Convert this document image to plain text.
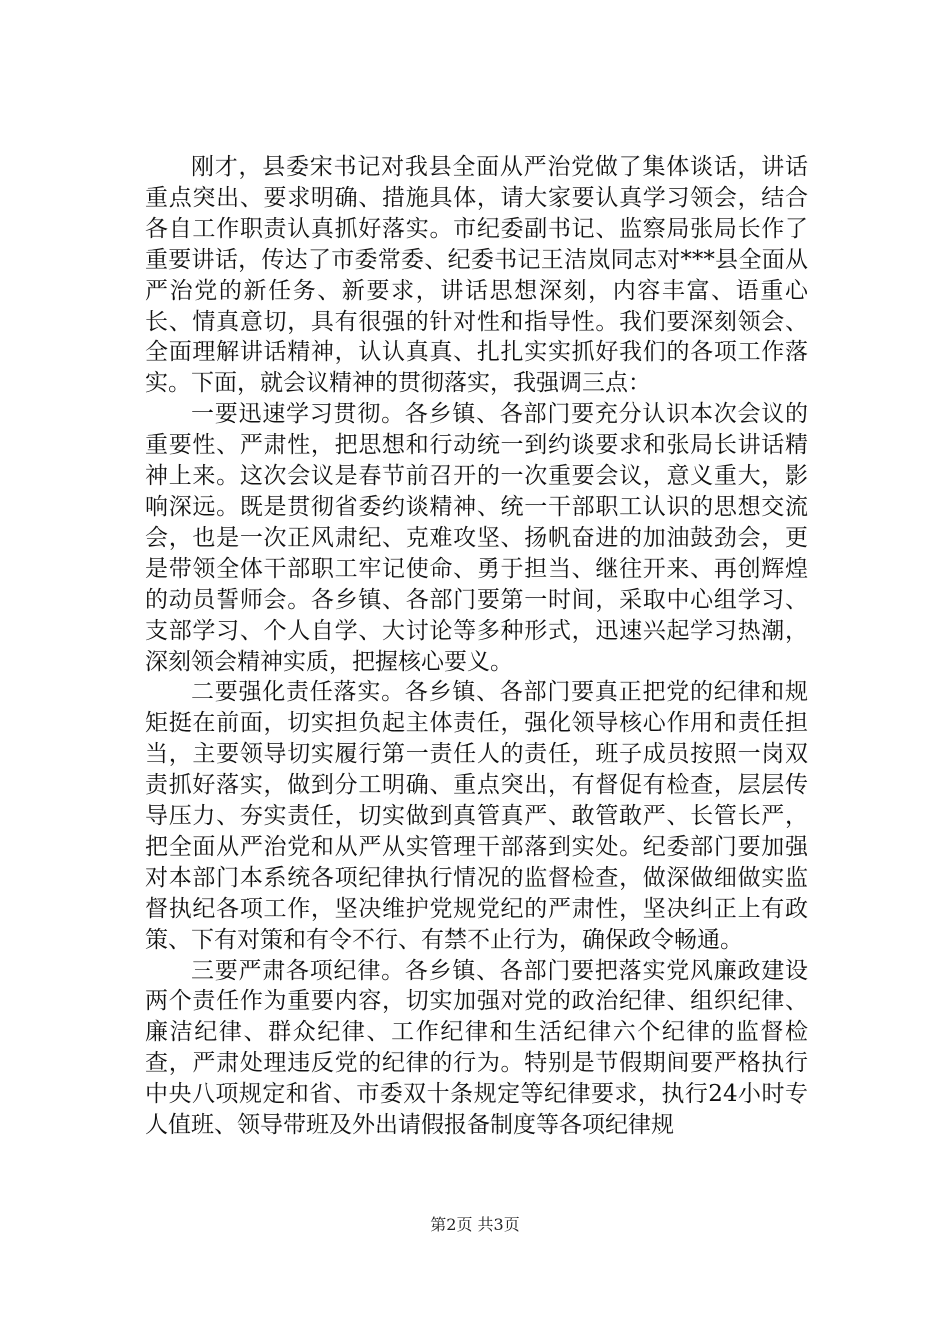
刚才，县委宋书记对我县全面从严治党做了集体谈话，讲话重点突出、要求明确、措施具体，请大家要认真学习领会，结合各自工作职责认真抓好落实。市纪委副书记、监察局张局长作了重要讲话，传达了市委常委、纪委书记王洁岚同志对***县全面从严治党的新任务、新要求，讲话思想深刻，内容丰富、语重心长、情真意切，具有很强的针对性和指导性。我们要深刻领会、全面理解讲话精神，认认真真、扎扎实实抓好我们的各项工作落实。下面，就会议精神的贯彻落实，我强调三点：

一要迅速学习贯彻。各乡镇、各部门要充分认识本次会议的重要性、严肃性，把思想和行动统一到约谈要求和张局长讲话精神上来。这次会议是春节前召开的一次重要会议，意义重大，影响深远。既是贯彻省委约谈精神、统一干部职工认识的思想交流会，也是一次正风肃纪、克难攻坚、扬帆奋进的加油鼓劲会，更是带领全体干部职工牢记使命、勇于担当、继往开来、再创辉煌的动员誓师会。各乡镇、各部门要第一时间，采取中心组学习、支部学习、个人自学、大讨论等多种形式，迅速兴起学习热潮，深刻领会精神实质，把握核心要义。

二要强化责任落实。各乡镇、各部门要真正把党的纪律和规矩挺在前面，切实担负起主体责任，强化领导核心作用和责任担当，主要领导切实履行第一责任人的责任，班子成员按照一岗双责抓好落实，做到分工明确、重点突出，有督促有检查，层层传导压力、夯实责任，切实做到真管真严、敢管敢严、长管长严，把全面从严治党和从严从实管理干部落到实处。纪委部门要加强对本部门本系统各项纪律执行情况的监督检查，做深做细做实监督执纪各项工作，坚决维护党规党纪的严肃性，坚决纠正上有政策、下有对策和有令不行、有禁不止行为，确保政令畅通。

三要严肃各项纪律。各乡镇、各部门要把落实党风廉政建设两个责任作为重要内容，切实加强对党的政治纪律、组织纪律、廉洁纪律、群众纪律、工作纪律和生活纪律六个纪律的监督检查，严肃处理违反党的纪律的行为。特别是节假期间要严格执行中央八项规定和省、市委双十条规定等纪律要求，执行24小时专人值班、领导带班及外出请假报备制度等各项纪律规

第2页 共3页
